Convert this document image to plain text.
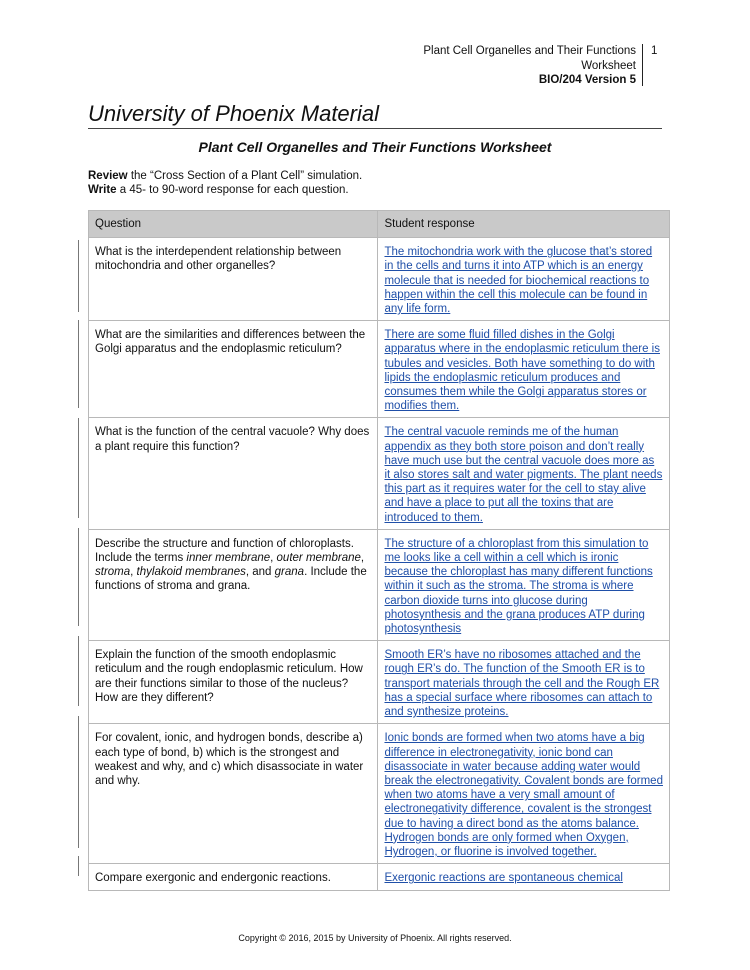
Plant Cell Organelles and Their Functions
Worksheet
BIO/204 Version 5
1
University of Phoenix Material
Plant Cell Organelles and Their Functions Worksheet
Review the “Cross Section of a Plant Cell” simulation.
Write a 45- to 90-word response for each question.
Question	Student response
What is the interdependent relationship between mitochondria and other organelles?	The mitochondria work with the glucose that’s stored in the cells and turns it into ATP which is an energy molecule that is needed for biochemical reactions to happen within the cell this molecule can be found in any life form.
What are the similarities and differences between the Golgi apparatus and the endoplasmic reticulum?	There are some fluid filled dishes in the Golgi apparatus where in the endoplasmic reticulum there is tubules and vesicles. Both have something to do with lipids the endoplasmic reticulum produces and consumes them while the Golgi apparatus stores or modifies them.
What is the function of the central vacuole? Why does a plant require this function?	The central vacuole reminds me of the human appendix as they both store poison and don’t really have much use but the central vacuole does more as it also stores salt and water pigments. The plant needs this part as it requires water for the cell to stay alive and have a place to put all the toxins that are introduced to them.
Describe the structure and function of chloroplasts. Include the terms inner membrane, outer membrane, stroma, thylakoid membranes, and grana. Include the functions of stroma and grana.	The structure of a chloroplast from this simulation to me looks like a cell within a cell which is ironic because the chloroplast has many different functions within it such as the stroma. The stroma is where carbon dioxide turns into glucose during photosynthesis and the grana produces ATP during photosynthesis
Explain the function of the smooth endoplasmic reticulum and the rough endoplasmic reticulum. How are their functions similar to those of the nucleus? How are they different?	Smooth ER’s have no ribosomes attached and the rough ER’s do. The function of the Smooth ER is to transport materials through the cell and the Rough ER has a special surface where ribosomes can attach to and synthesize proteins.
For covalent, ionic, and hydrogen bonds, describe a) each type of bond, b) which is the strongest and weakest and why, and c) which disassociate in water and why.	Ionic bonds are formed when two atoms have a big difference in electronegativity, ionic bond can disassociate in water because adding water would break the electronegativity. Covalent bonds are formed when two atoms have a very small amount of electronegativity difference, covalent is the strongest due to having a direct bond as the atoms balance. Hydrogen bonds are only formed when Oxygen, Hydrogen, or fluorine is involved together.
Compare exergonic and endergonic reactions.	Exergonic reactions are spontaneous chemical
Copyright © 2016, 2015 by University of Phoenix. All rights reserved.
